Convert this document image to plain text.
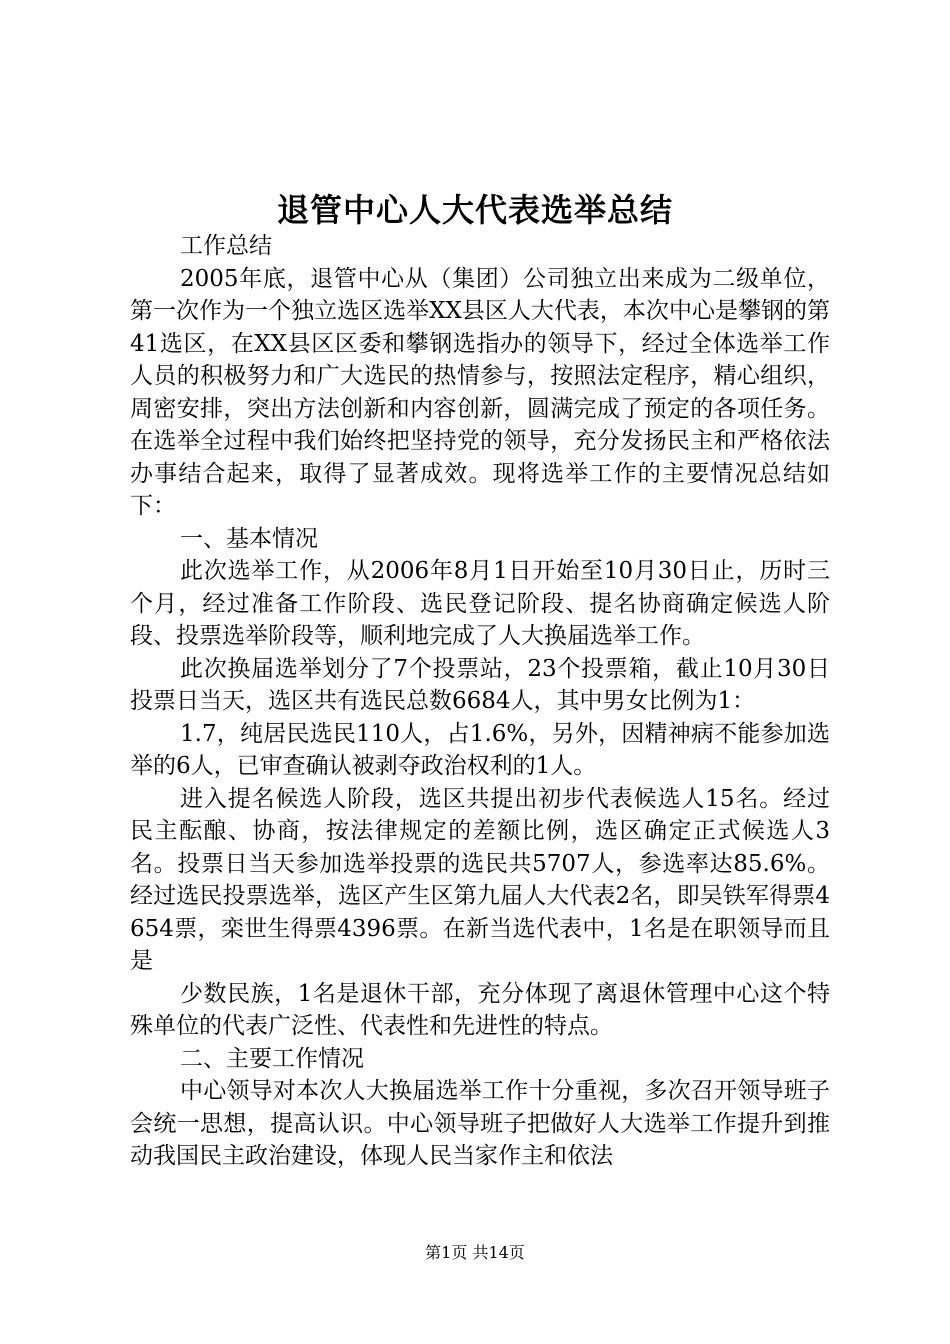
退管中心人大代表选举总结

工作总结

2005年底，退管中心从（集团）公司独立出来成为二级单位，第一次作为一个独立选区选举XX县区人大代表，本次中心是攀钢的第41选区，在XX县区区委和攀钢选指办的领导下，经过全体选举工作人员的积极努力和广大选民的热情参与，按照法定程序，精心组织，周密安排，突出方法创新和内容创新，圆满完成了预定的各项任务。在选举全过程中我们始终把坚持党的领导，充分发扬民主和严格依法办事结合起来，取得了显著成效。现将选举工作的主要情况总结如下：

一、基本情况

此次选举工作，从2006年8月1日开始至10月30日止，历时三个月，经过准备工作阶段、选民登记阶段、提名协商确定候选人阶段、投票选举阶段等，顺利地完成了人大换届选举工作。

此次换届选举划分了7个投票站，23个投票箱，截止10月30日投票日当天，选区共有选民总数6684人，其中男女比例为1：

1.7，纯居民选民110人，占1.6%，另外，因精神病不能参加选举的6人，已审查确认被剥夺政治权利的1人。

进入提名候选人阶段，选区共提出初步代表候选人15名。经过民主酝酿、协商，按法律规定的差额比例，选区确定正式候选人3名。投票日当天参加选举投票的选民共5707人，参选率达85.6%。经过选民投票选举，选区产生区第九届人大代表2名，即吴铁军得票4654票，栾世生得票4396票。在新当选代表中，1名是在职领导而且是

少数民族，1名是退休干部，充分体现了离退休管理中心这个特殊单位的代表广泛性、代表性和先进性的特点。

二、主要工作情况

中心领导对本次人大换届选举工作十分重视，多次召开领导班子会统一思想，提高认识。中心领导班子把做好人大选举工作提升到推动我国民主政治建设，体现人民当家作主和依法

第1页 共14页
